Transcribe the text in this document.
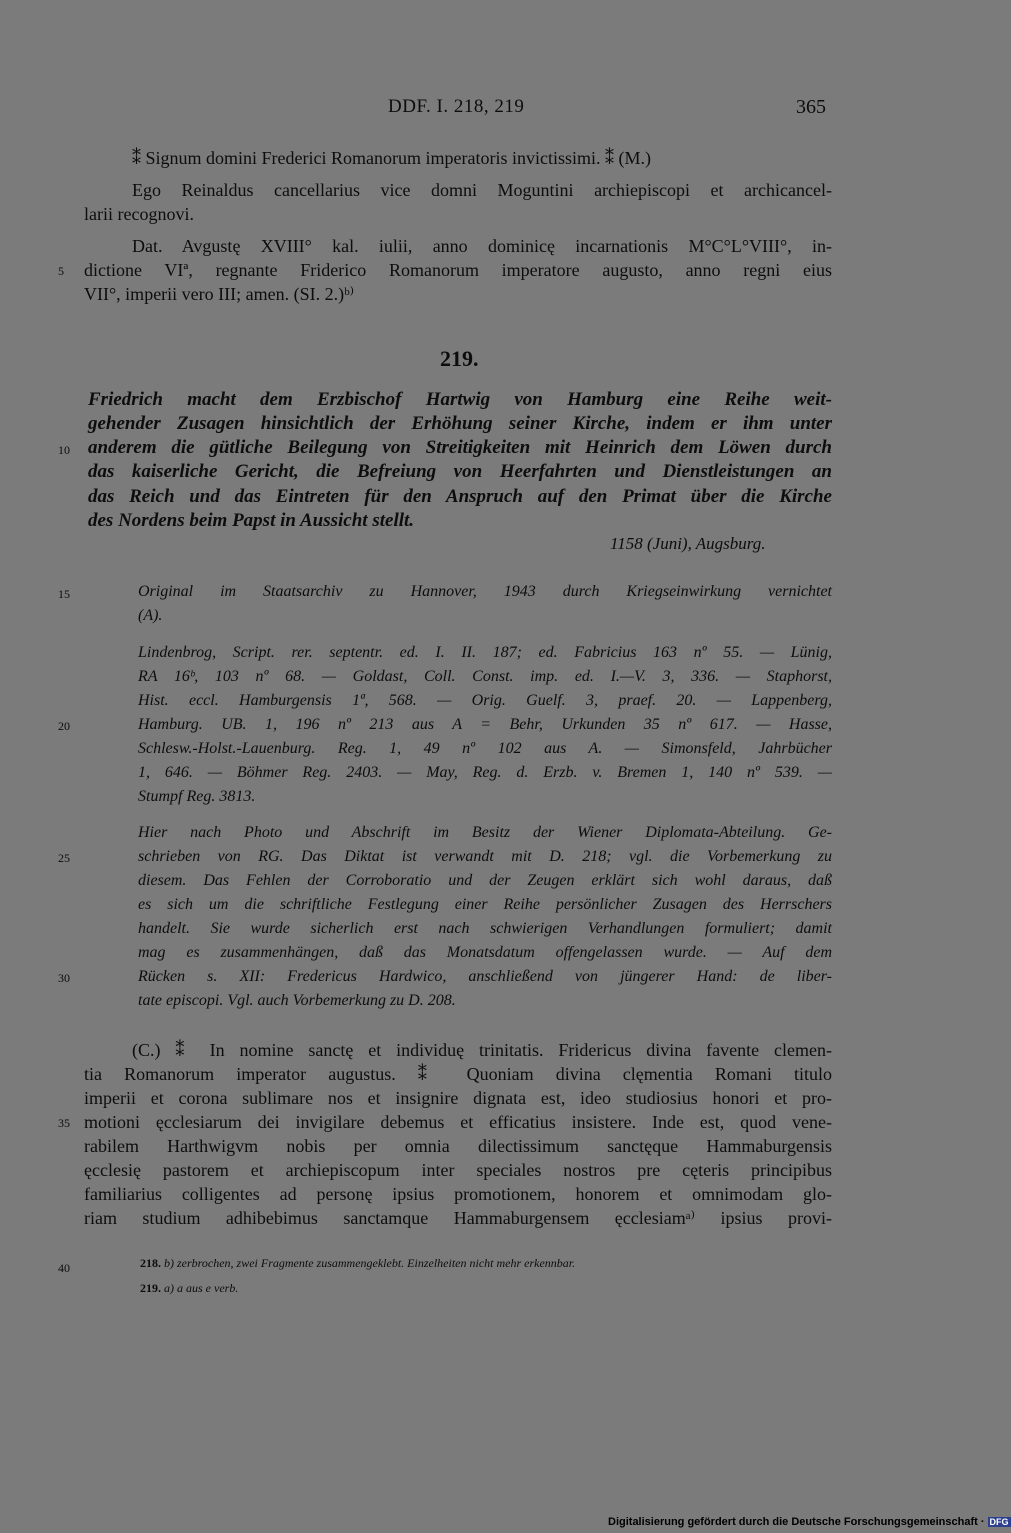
DDF. I. 218, 219	365
⁑ Signum domini Frederici Romanorum imperatoris invictissimi. ⁑ (M.)
Ego Reinaldus cancellarius vice domni Moguntini archiepiscopi et archicancel-
larii recognovi.
Dat. Avgustę XVIII° kal. iulii, anno dominicę incarnationis M°C°L°VIII°, in-
dictione VIª, regnante Friderico Romanorum imperatore augusto, anno regni eius
VII°, imperii vero III; amen. (SI. 2.)ᵇ⁾
219.
Friedrich macht dem Erzbischof Hartwig von Hamburg eine Reihe weit-
gehender Zusagen hinsichtlich der Erhöhung seiner Kirche, indem er ihm unter
anderem die gütliche Beilegung von Streitigkeiten mit Heinrich dem Löwen durch
das kaiserliche Gericht, die Befreiung von Heerfahrten und Dienstleistungen an
das Reich und das Eintreten für den Anspruch auf den Primat über die Kirche
des Nordens beim Papst in Aussicht stellt.
1158 (Juni), Augsburg.
Original im Staatsarchiv zu Hannover, 1943 durch Kriegseinwirkung vernichtet
(A).
Lindenbrog, Script. rer. septentr. ed. I. II. 187; ed. Fabricius 163 nº 55. — Lünig,
RA 16ᵇ, 103 nº 68. — Goldast, Coll. Const. imp. ed. I.—V. 3, 336. — Staphorst,
Hist. eccl. Hamburgensis 1ª, 568. — Orig. Guelf. 3, praef. 20. — Lappenberg,
Hamburg. UB. 1, 196 nº 213 aus A = Behr, Urkunden 35 nº 617. — Hasse,
Schlesw.-Holst.-Lauenburg. Reg. 1, 49 nº 102 aus A. — Simonsfeld, Jahrbücher
1, 646. — Böhmer Reg. 2403. — May, Reg. d. Erzb. v. Bremen 1, 140 nº 539. —
Stumpf Reg. 3813.
Hier nach Photo und Abschrift im Besitz der Wiener Diplomata-Abteilung. Ge-
schrieben von RG. Das Diktat ist verwandt mit D. 218; vgl. die Vorbemerkung zu
diesem. Das Fehlen der Corroboratio und der Zeugen erklärt sich wohl daraus, daß
es sich um die schriftliche Festlegung einer Reihe persönlicher Zusagen des Herrschers
handelt. Sie wurde sicherlich erst nach schwierigen Verhandlungen formuliert; damit
mag es zusammenhängen, daß das Monatsdatum offengelassen wurde. — Auf dem
Rücken s. XII: Fredericus Hardwico, anschließend von jüngerer Hand: de liber-
tate episcopi. Vgl. auch Vorbemerkung zu D. 208.
(C.) ⁑ In nomine sanctę et individuę trinitatis. Fridericus divina favente clemen-
tia Romanorum imperator augustus. ⁑ Quoniam divina clęmentia Romani titulo
imperii et corona sublimare nos et insignire dignata est, ideo studiosius honori et pro-
motioni ęcclesiarum dei invigilare debemus et efficatius insistere. Inde est, quod vene-
rabilem Harthwigvm nobis per omnia dilectissimum sanctęque Hammaburgensis
ęcclesię pastorem et archiepiscopum inter speciales nostros pre cęteris principibus
familiarius colligentes ad personę ipsius promotionem, honorem et omnimodam glo-
riam studium adhibebimus sanctamque Hammaburgensem ęcclesiamᵃ⁾ ipsius provi-
218. b) zerbrochen, zwei Fragmente zusammengeklebt. Einzelheiten nicht mehr erkennbar.
219. a) a aus e verb.
5
10
15
20
25
30
35
40
Digitalisierung gefördert durch die Deutsche Forschungsgemeinschaft · DFG
